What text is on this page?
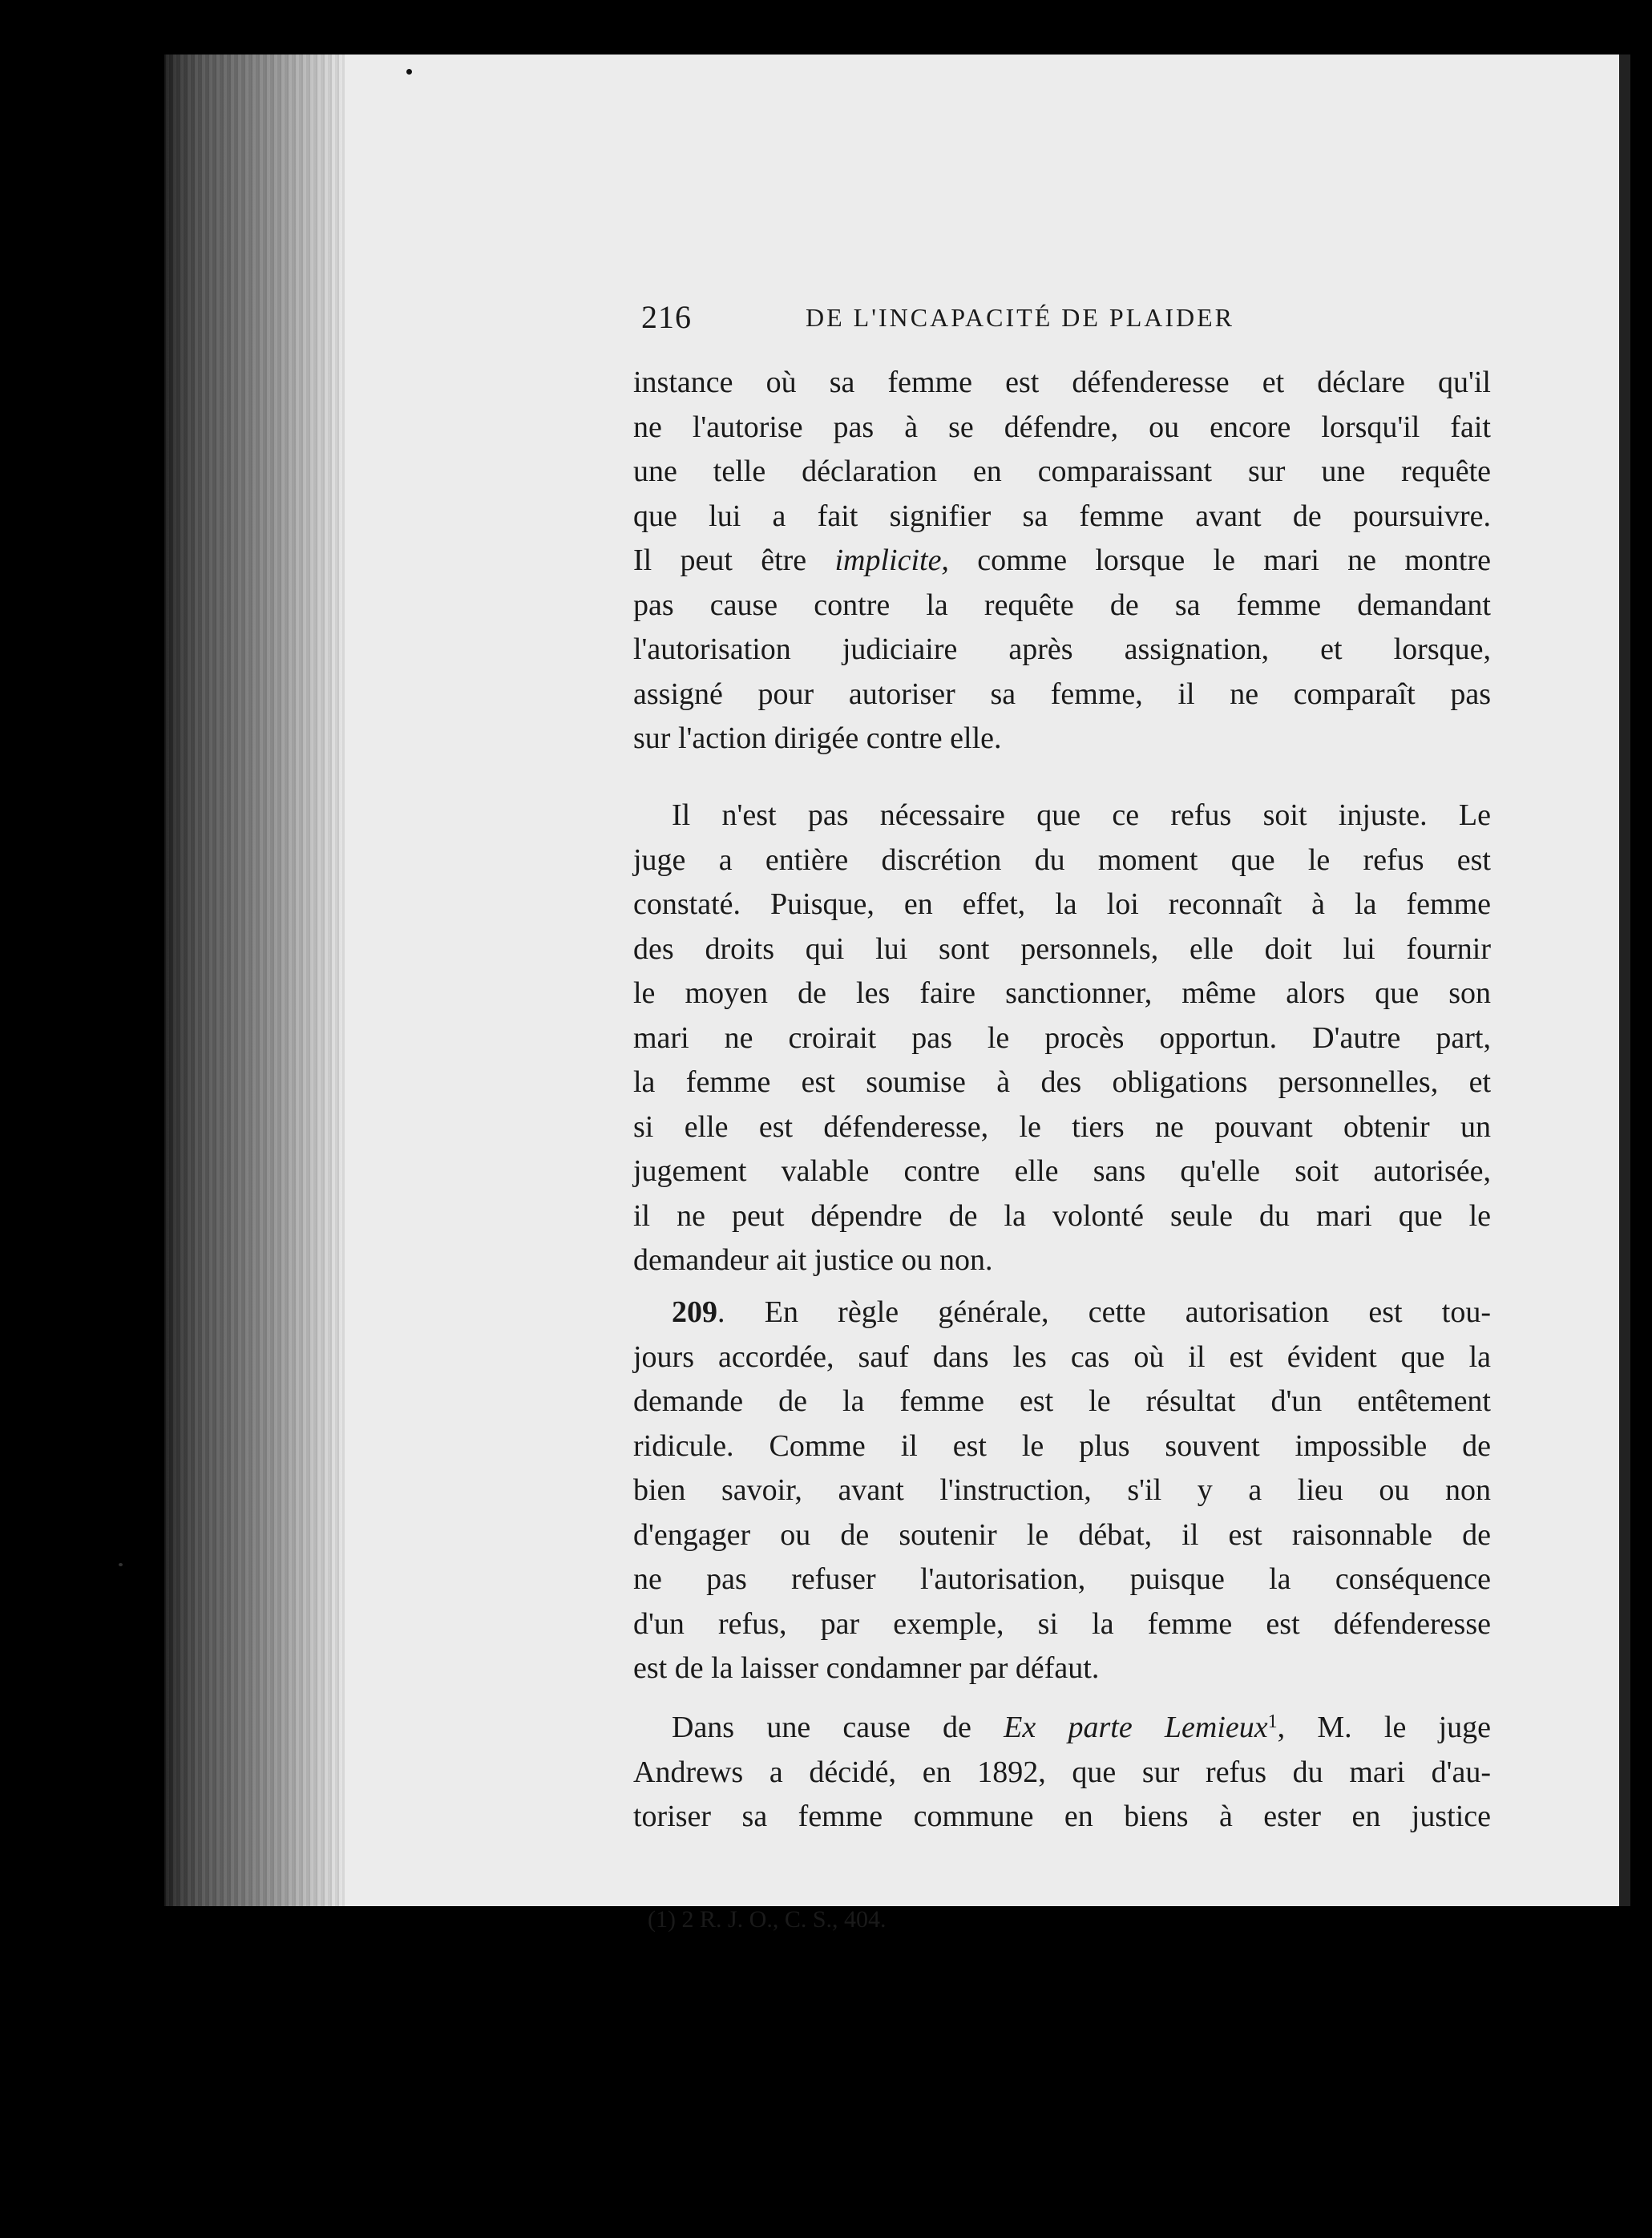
216	DE L'INCAPACITÉ DE PLAIDER
instance où sa femme est défenderesse et déclare qu'il
ne l'autorise pas à se défendre, ou encore lorsqu'il fait
une telle déclaration en comparaissant sur une requête
que lui a fait signifier sa femme avant de poursuivre.
Il peut être implicite, comme lorsque le mari ne montre
pas cause contre la requête de sa femme demandant
l'autorisation judiciaire après assignation, et lorsque,
assigné pour autoriser sa femme, il ne comparaît pas
sur l'action dirigée contre elle.
Il n'est pas nécessaire que ce refus soit injuste. Le
juge a entière discrétion du moment que le refus est
constaté. Puisque, en effet, la loi reconnaît à la femme
des droits qui lui sont personnels, elle doit lui fournir
le moyen de les faire sanctionner, même alors que son
mari ne croirait pas le procès opportun. D'autre part,
la femme est soumise à des obligations personnelles, et
si elle est défenderesse, le tiers ne pouvant obtenir un
jugement valable contre elle sans qu'elle soit autorisée,
il ne peut dépendre de la volonté seule du mari que le
demandeur ait justice ou non.
209. En règle générale, cette autorisation est tou-
jours accordée, sauf dans les cas où il est évident que la
demande de la femme est le résultat d'un entêtement
ridicule. Comme il est le plus souvent impossible de
bien savoir, avant l'instruction, s'il y a lieu ou non
d'engager ou de soutenir le débat, il est raisonnable de
ne pas refuser l'autorisation, puisque la conséquence
d'un refus, par exemple, si la femme est défenderesse
est de la laisser condamner par défaut.
Dans une cause de Ex parte Lemieux$^1$, M. le juge
Andrews a décidé, en 1892, que sur refus du mari d'au-
toriser sa femme commune en biens à ester en justice
(1) 2 R. J. O., C. S., 404.
